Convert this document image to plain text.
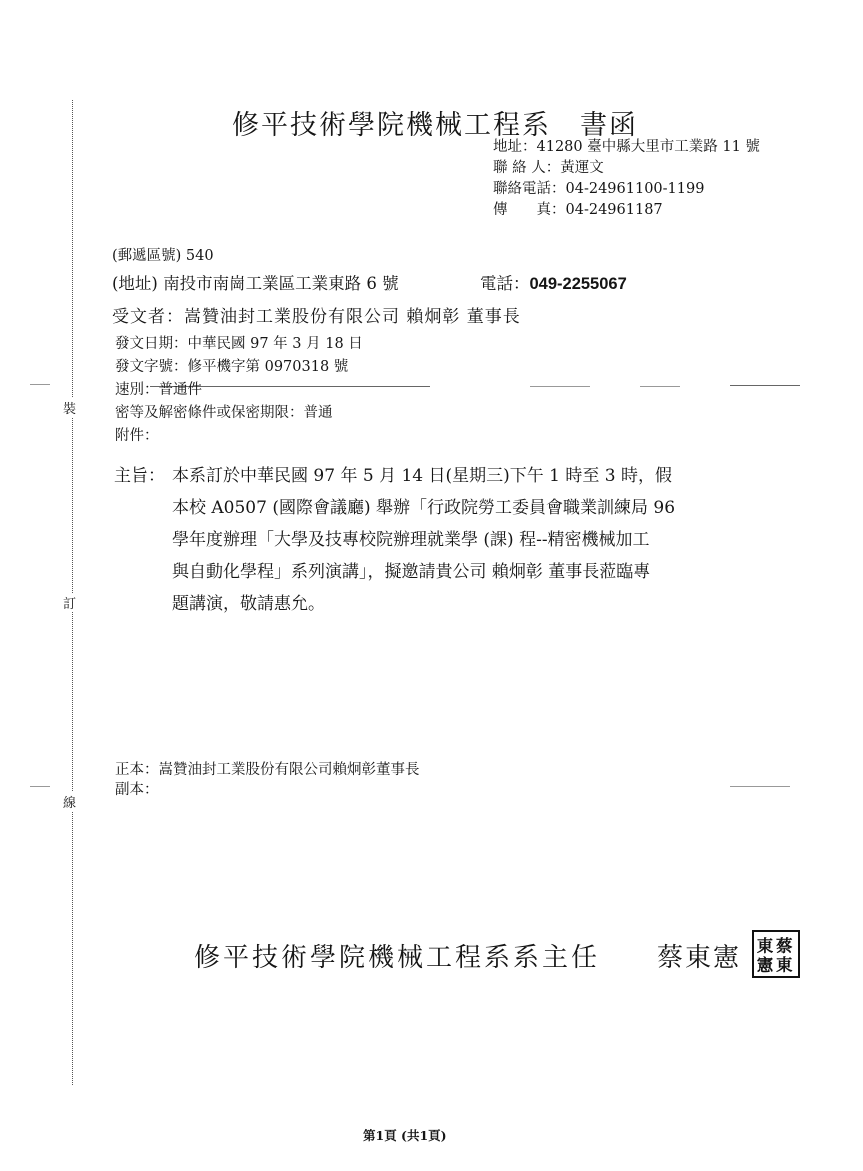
裝
訂
線
修平技術學院機械工程系　書函
地址：41280 臺中縣大里市工業路 11 號
聯 絡 人：黃運文
聯絡電話：04-24961100-1199
傳　　真：04-24961187
(郵遞區號) 540
(地址) 南投市南崗工業區工業東路 6 號	電話：049-2255067
受文者：嵩贊油封工業股份有限公司 賴炯彰 董事長
發文日期：中華民國 97 年 3 月 18 日
發文字號：修平機字第 0970318 號
速別：普通件
密等及解密條件或保密期限：普通
附件：
主旨： 本系訂於中華民國 97 年 5 月 14 日(星期三)下午 1 時至 3 時，假
本校 A0507 (國際會議廳) 舉辦「行政院勞工委員會職業訓練局 96
學年度辦理「大學及技專校院辦理就業學 (課) 程--精密機械加工
與自動化學程」系列演講」，擬邀請貴公司 賴炯彰 董事長蒞臨專
題講演，敬請惠允。
正本：嵩贊油封工業股份有限公司賴炯彰董事長
副本：
修平技術學院機械工程系系主任 蔡東憲 東 蔡
憲 東
第1頁 (共1頁)
